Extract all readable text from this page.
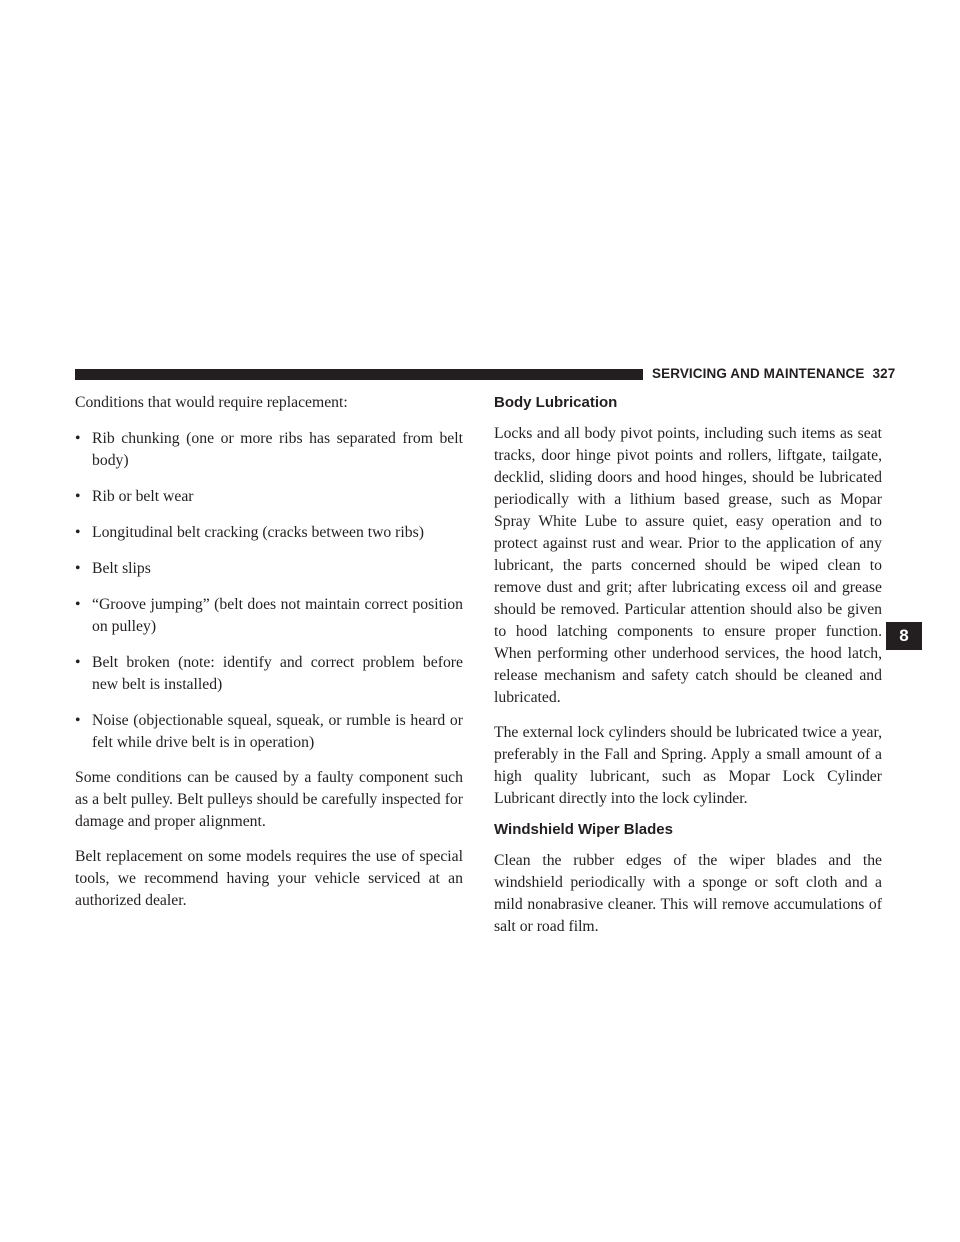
SERVICING AND MAINTENANCE 327

Conditions that would require replacement:

• Rib chunking (one or more ribs has separated from belt body)

• Rib or belt wear

• Longitudinal belt cracking (cracks between two ribs)

• Belt slips

• “Groove jumping” (belt does not maintain correct position on pulley)

• Belt broken (note: identify and correct problem before new belt is installed)

• Noise (objectionable squeal, squeak, or rumble is heard or felt while drive belt is in operation)

Some conditions can be caused by a faulty component such as a belt pulley. Belt pulleys should be carefully inspected for damage and proper alignment.

Belt replacement on some models requires the use of special tools, we recommend having your vehicle serviced at an authorized dealer.

Body Lubrication

Locks and all body pivot points, including such items as seat tracks, door hinge pivot points and rollers, liftgate, tailgate, decklid, sliding doors and hood hinges, should be lubricated periodically with a lithium based grease, such as Mopar Spray White Lube to assure quiet, easy operation and to protect against rust and wear. Prior to the application of any lubricant, the parts concerned should be wiped clean to remove dust and grit; after lubricating excess oil and grease should be removed. Particular attention should also be given to hood latching components to ensure proper function. When performing other underhood services, the hood latch, release mechanism and safety catch should be cleaned and lubricated.

The external lock cylinders should be lubricated twice a year, preferably in the Fall and Spring. Apply a small amount of a high quality lubricant, such as Mopar Lock Cylinder Lubricant directly into the lock cylinder.

Windshield Wiper Blades

Clean the rubber edges of the wiper blades and the windshield periodically with a sponge or soft cloth and a mild nonabrasive cleaner. This will remove accumulations of salt or road film.

8
